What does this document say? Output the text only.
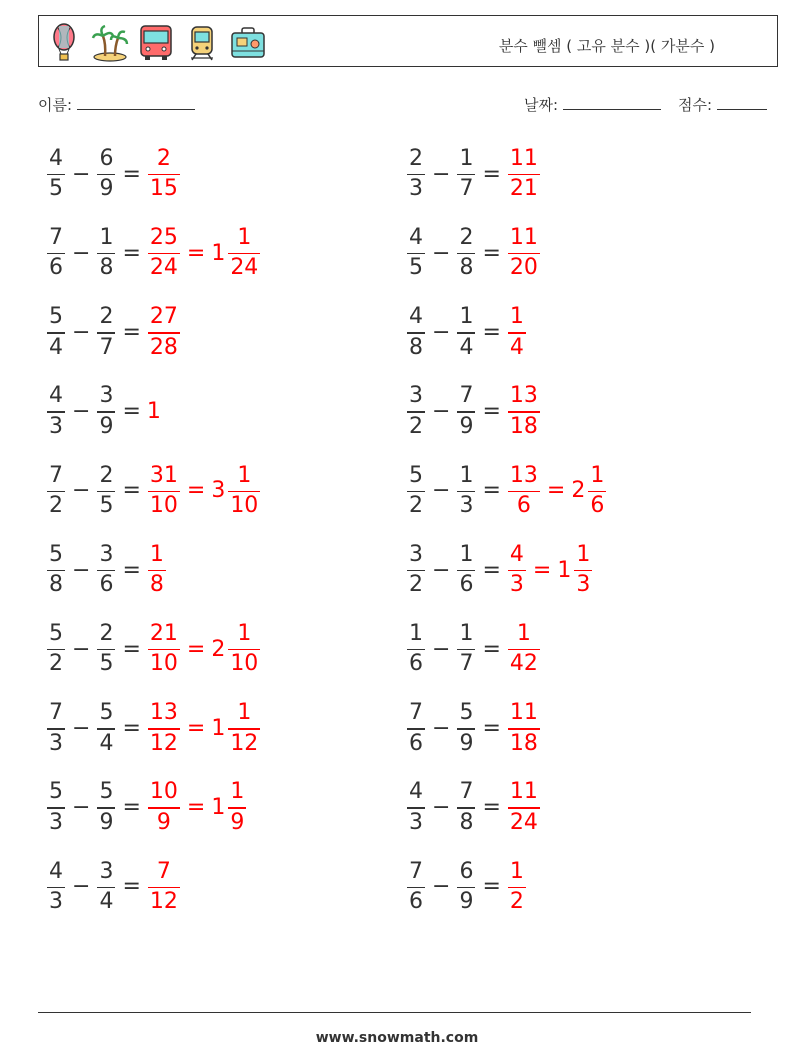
분수 뺄셈 ( 고유 분수 )( 가분수 )
이름:	날짜:	점수:
$\frac{4}{5} - \frac{6}{9} = \frac{2}{15}$	$\frac{2}{3} - \frac{1}{7} = \frac{11}{21}$
$\frac{7}{6} - \frac{1}{8} = \frac{25}{24} = 1 \frac{1}{24}$	$\frac{4}{5} - \frac{2}{8} = \frac{11}{20}$
$\frac{5}{4} - \frac{2}{7} = \frac{27}{28}$	$\frac{4}{8} - \frac{1}{4} = \frac{1}{4}$
$\frac{4}{3} - \frac{3}{9} = 1$	$\frac{3}{2} - \frac{7}{9} = \frac{13}{18}$
$\frac{7}{2} - \frac{2}{5} = \frac{31}{10} = 3 \frac{1}{10}$	$\frac{5}{2} - \frac{1}{3} = \frac{13}{6} = 2 \frac{1}{6}$
$\frac{5}{8} - \frac{3}{6} = \frac{1}{8}$	$\frac{3}{2} - \frac{1}{6} = \frac{4}{3} = 1 \frac{1}{3}$
$\frac{5}{2} - \frac{2}{5} = \frac{21}{10} = 2 \frac{1}{10}$	$\frac{1}{6} - \frac{1}{7} = \frac{1}{42}$
$\frac{7}{3} - \frac{5}{4} = \frac{13}{12} = 1 \frac{1}{12}$	$\frac{7}{6} - \frac{5}{9} = \frac{11}{18}$
$\frac{5}{3} - \frac{5}{9} = \frac{10}{9} = 1 \frac{1}{9}$	$\frac{4}{3} - \frac{7}{8} = \frac{11}{24}$
$\frac{4}{3} - \frac{3}{4} = \frac{7}{12}$	$\frac{7}{6} - \frac{6}{9} = \frac{1}{2}$
www.snowmath.com
